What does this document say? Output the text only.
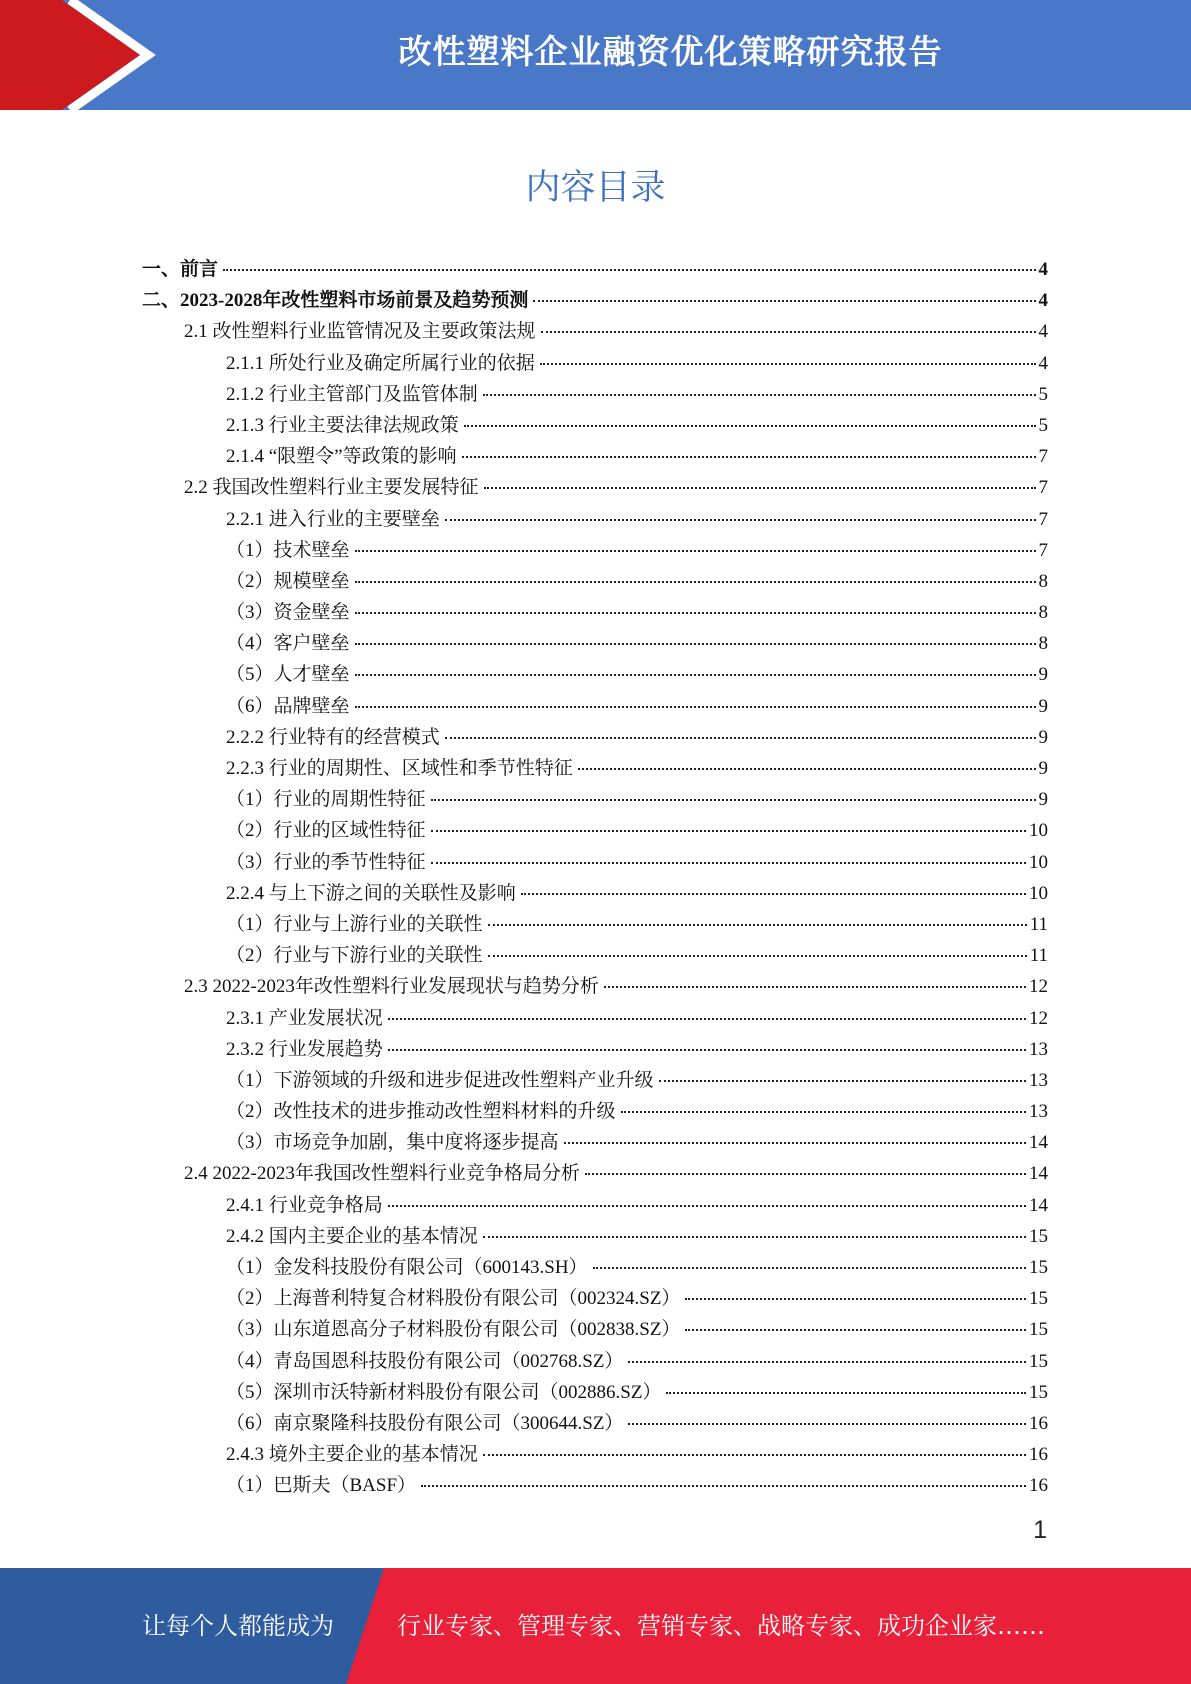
改性塑料企业融资优化策略研究报告
内容目录
一、前言	4
二、2023-2028年改性塑料市场前景及趋势预测	4
2.1 改性塑料行业监管情况及主要政策法规	4
2.1.1 所处行业及确定所属行业的依据	4
2.1.2 行业主管部门及监管体制	5
2.1.3 行业主要法律法规政策	5
2.1.4 “限塑令”等政策的影响	7
2.2 我国改性塑料行业主要发展特征	7
2.2.1 进入行业的主要壁垒	7
（1）技术壁垒	7
（2）规模壁垒	8
（3）资金壁垒	8
（4）客户壁垒	8
（5）人才壁垒	9
（6）品牌壁垒	9
2.2.2 行业特有的经营模式	9
2.2.3 行业的周期性、区域性和季节性特征	9
（1）行业的周期性特征	9
（2）行业的区域性特征	10
（3）行业的季节性特征	10
2.2.4 与上下游之间的关联性及影响	10
（1）行业与上游行业的关联性	11
（2）行业与下游行业的关联性	11
2.3 2022-2023年改性塑料行业发展现状与趋势分析	12
2.3.1 产业发展状况	12
2.3.2 行业发展趋势	13
（1）下游领域的升级和进步促进改性塑料产业升级	13
（2）改性技术的进步推动改性塑料材料的升级	13
（3）市场竞争加剧，集中度将逐步提高	14
2.4 2022-2023年我国改性塑料行业竞争格局分析	14
2.4.1 行业竞争格局	14
2.4.2 国内主要企业的基本情况	15
（1）金发科技股份有限公司（600143.SH）	15
（2）上海普利特复合材料股份有限公司（002324.SZ）	15
（3）山东道恩高分子材料股份有限公司（002838.SZ）	15
（4）青岛国恩科技股份有限公司（002768.SZ）	15
（5）深圳市沃特新材料股份有限公司（002886.SZ）	15
（6）南京聚隆科技股份有限公司（300644.SZ）	16
2.4.3 境外主要企业的基本情况	16
（1）巴斯夫（BASF）	16
1
让每个人都能成为	行业专家、管理专家、营销专家、战略专家、成功企业家……
